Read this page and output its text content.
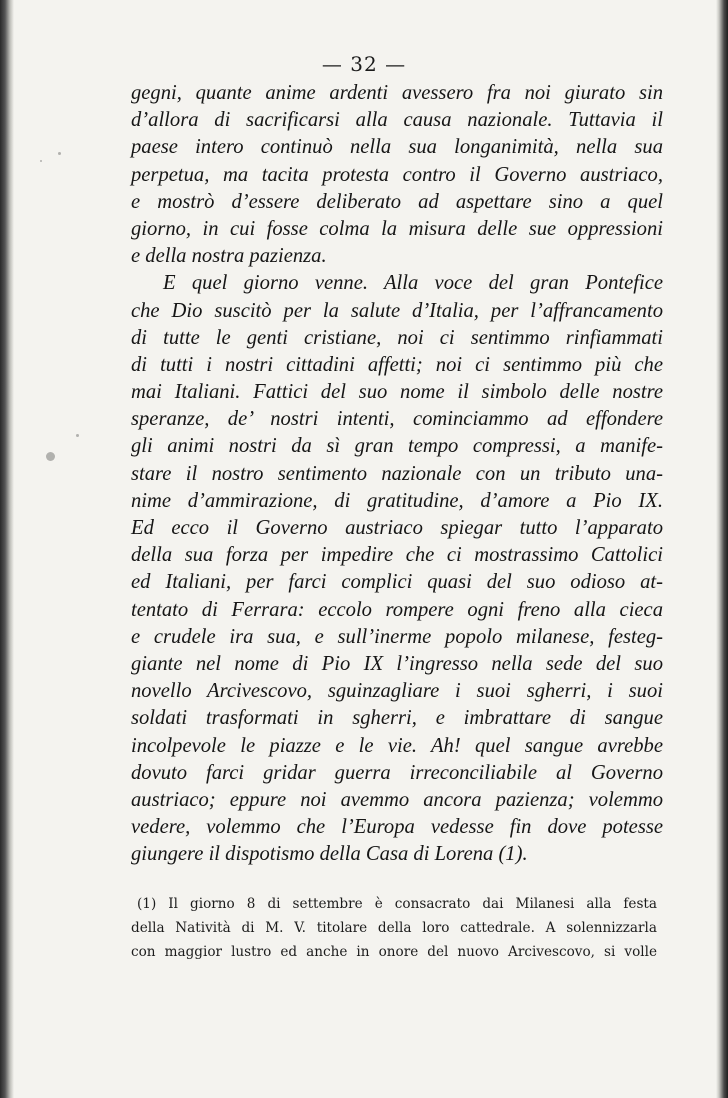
— 32 —
gegni, quante anime ardenti avessero fra noi giurato sin
d’allora di sacrificarsi alla causa nazionale. Tuttavia il
paese intero continuò nella sua longanimità, nella sua
perpetua, ma tacita protesta contro il Governo austriaco,
e mostrò d’essere deliberato ad aspettare sino a quel
giorno, in cui fosse colma la misura delle sue oppressioni
e della nostra pazienza.
E quel giorno venne. Alla voce del gran Pontefice
che Dio suscitò per la salute d’Italia, per l’affrancamento
di tutte le genti cristiane, noi ci sentimmo rinfiammati
di tutti i nostri cittadini affetti; noi ci sentimmo più che
mai Italiani. Fattici del suo nome il simbolo delle nostre
speranze, de’ nostri intenti, cominciammo ad effondere
gli animi nostri da sì gran tempo compressi, a manife-
stare il nostro sentimento nazionale con un tributo una-
nime d’ammirazione, di gratitudine, d’amore a Pio IX.
Ed ecco il Governo austriaco spiegar tutto l’apparato
della sua forza per impedire che ci mostrassimo Cattolici
ed Italiani, per farci complici quasi del suo odioso at-
tentato di Ferrara: eccolo rompere ogni freno alla cieca
e crudele ira sua, e sull’inerme popolo milanese, festeg-
giante nel nome di Pio IX l’ingresso nella sede del suo
novello Arcivescovo, sguinzagliare i suoi sgherri, i suoi
soldati trasformati in sgherri, e imbrattare di sangue
incolpevole le piazze e le vie. Ah! quel sangue avrebbe
dovuto farci gridar guerra irreconciliabile al Governo
austriaco; eppure noi avemmo ancora pazienza; volemmo
vedere, volemmo che l’Europa vedesse fin dove potesse
giungere il dispotismo della Casa di Lorena (1).
(1) Il giorno 8 di settembre è consacrato dai Milanesi alla festa
della Natività di M. V. titolare della loro cattedrale. A solennizzarla
con maggior lustro ed anche in onore del nuovo Arcivescovo, si volle
